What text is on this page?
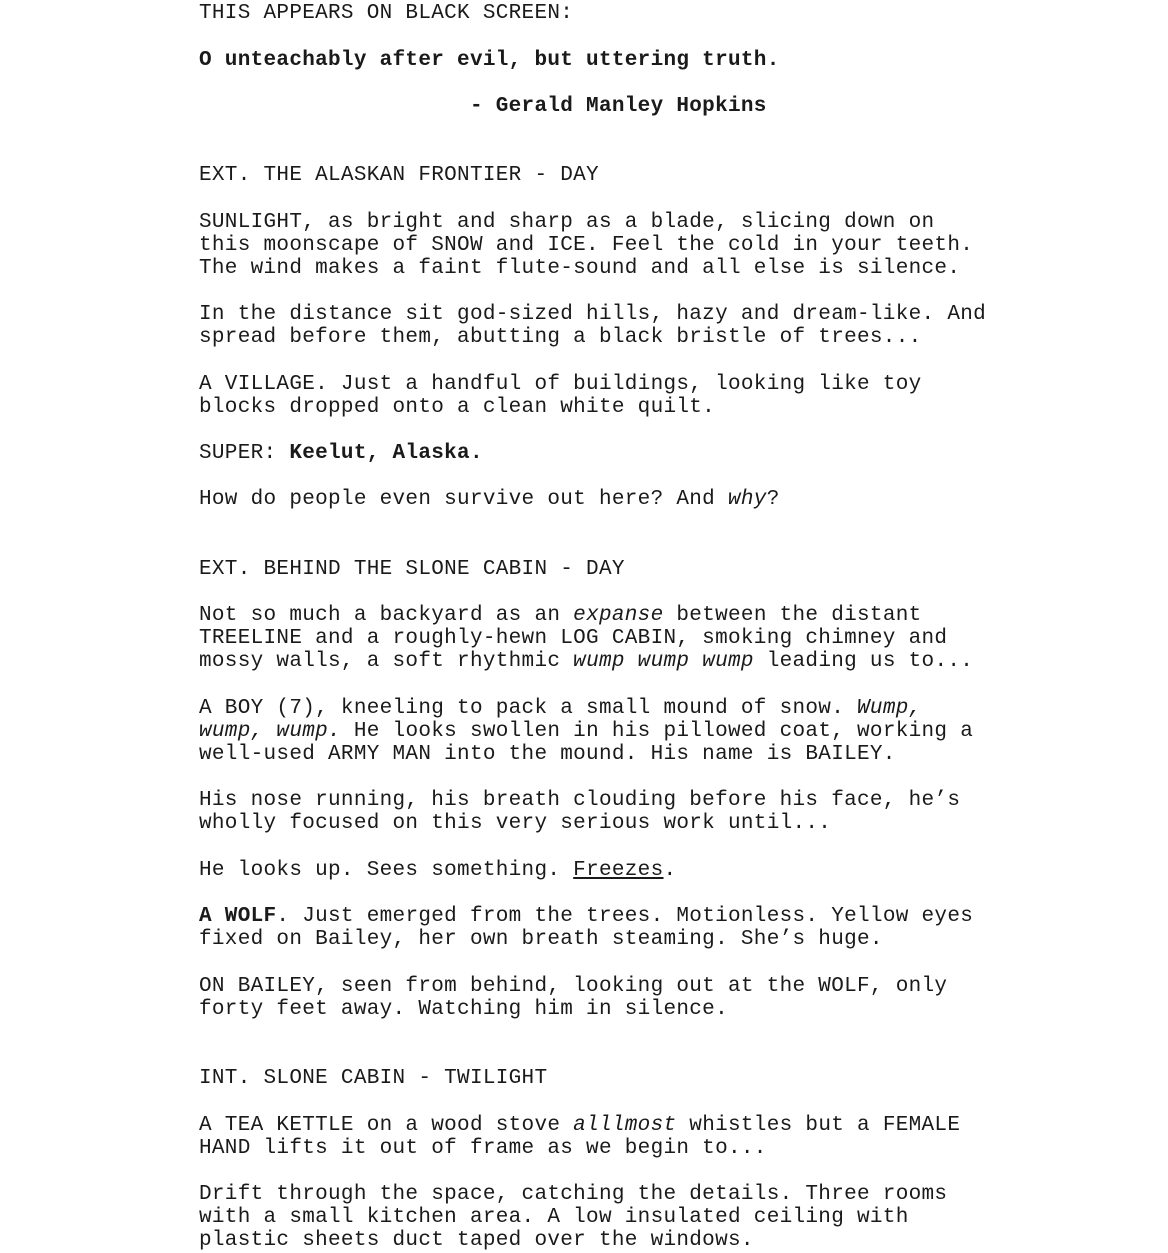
THIS APPEARS ON BLACK SCREEN:
O unteachably after evil, but uttering truth.
- Gerald Manley Hopkins
EXT. THE ALASKAN FRONTIER - DAY
SUNLIGHT, as bright and sharp as a blade, slicing down on
this moonscape of SNOW and ICE. Feel the cold in your teeth.
The wind makes a faint flute-sound and all else is silence.
In the distance sit god-sized hills, hazy and dream-like. And
spread before them, abutting a black bristle of trees...
A VILLAGE. Just a handful of buildings, looking like toy
blocks dropped onto a clean white quilt.
SUPER: Keelut, Alaska.
How do people even survive out here? And why?
EXT. BEHIND THE SLONE CABIN - DAY
Not so much a backyard as an expanse between the distant
TREELINE and a roughly-hewn LOG CABIN, smoking chimney and
mossy walls, a soft rhythmic wump wump wump leading us to...
A BOY (7), kneeling to pack a small mound of snow. Wump,
wump, wump. He looks swollen in his pillowed coat, working a
well-used ARMY MAN into the mound. His name is BAILEY.
His nose running, his breath clouding before his face, he’s
wholly focused on this very serious work until...
He looks up. Sees something. Freezes.
A WOLF. Just emerged from the trees. Motionless. Yellow eyes
fixed on Bailey, her own breath steaming. She’s huge.
ON BAILEY, seen from behind, looking out at the WOLF, only
forty feet away. Watching him in silence.
INT. SLONE CABIN - TWILIGHT
A TEA KETTLE on a wood stove alllmost whistles but a FEMALE
HAND lifts it out of frame as we begin to...
Drift through the space, catching the details. Three rooms
with a small kitchen area. A low insulated ceiling with
plastic sheets duct taped over the windows.
